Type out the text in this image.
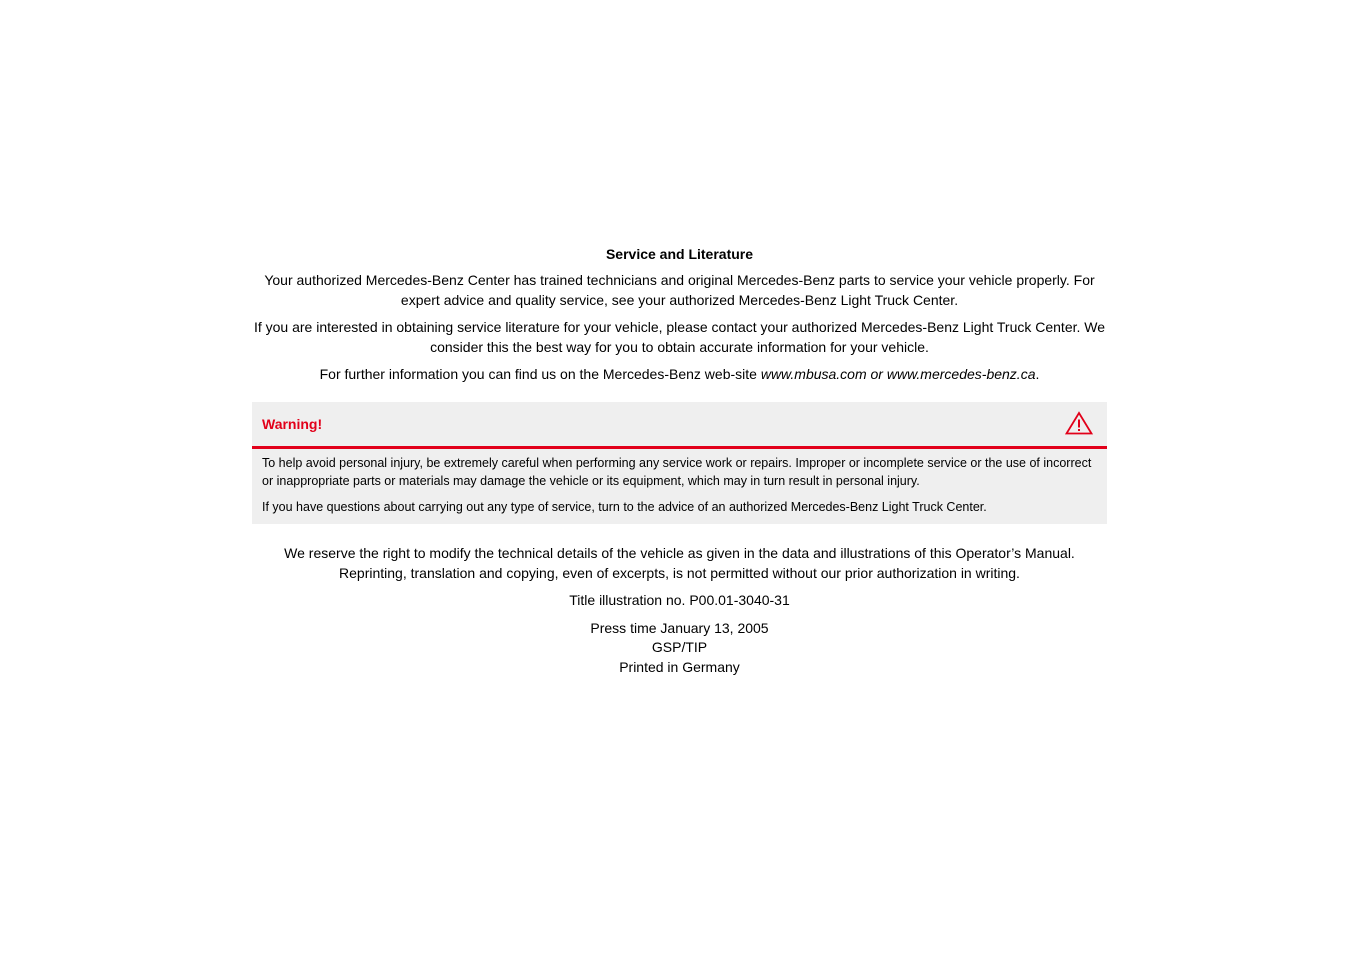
Service and Literature

Your authorized Mercedes-Benz Center has trained technicians and original Mercedes-Benz parts to service your vehicle properly. For expert advice and quality service, see your authorized Mercedes-Benz Light Truck Center.

If you are interested in obtaining service literature for your vehicle, please contact your authorized Mercedes-Benz Light Truck Center. We consider this the best way for you to obtain accurate information for your vehicle.

For further information you can find us on the Mercedes-Benz web-site www.mbusa.com or www.mercedes-benz.ca.

Warning!

To help avoid personal injury, be extremely careful when performing any service work or repairs. Improper or incomplete service or the use of incorrect or inappropriate parts or materials may damage the vehicle or its equipment, which may in turn result in personal injury.

If you have questions about carrying out any type of service, turn to the advice of an authorized Mercedes-Benz Light Truck Center.

We reserve the right to modify the technical details of the vehicle as given in the data and illustrations of this Operator’s Manual. Reprinting, translation and copying, even of excerpts, is not permitted without our prior authorization in writing.

Title illustration no. P00.01-3040-31

Press time January 13, 2005
GSP/TIP
Printed in Germany
